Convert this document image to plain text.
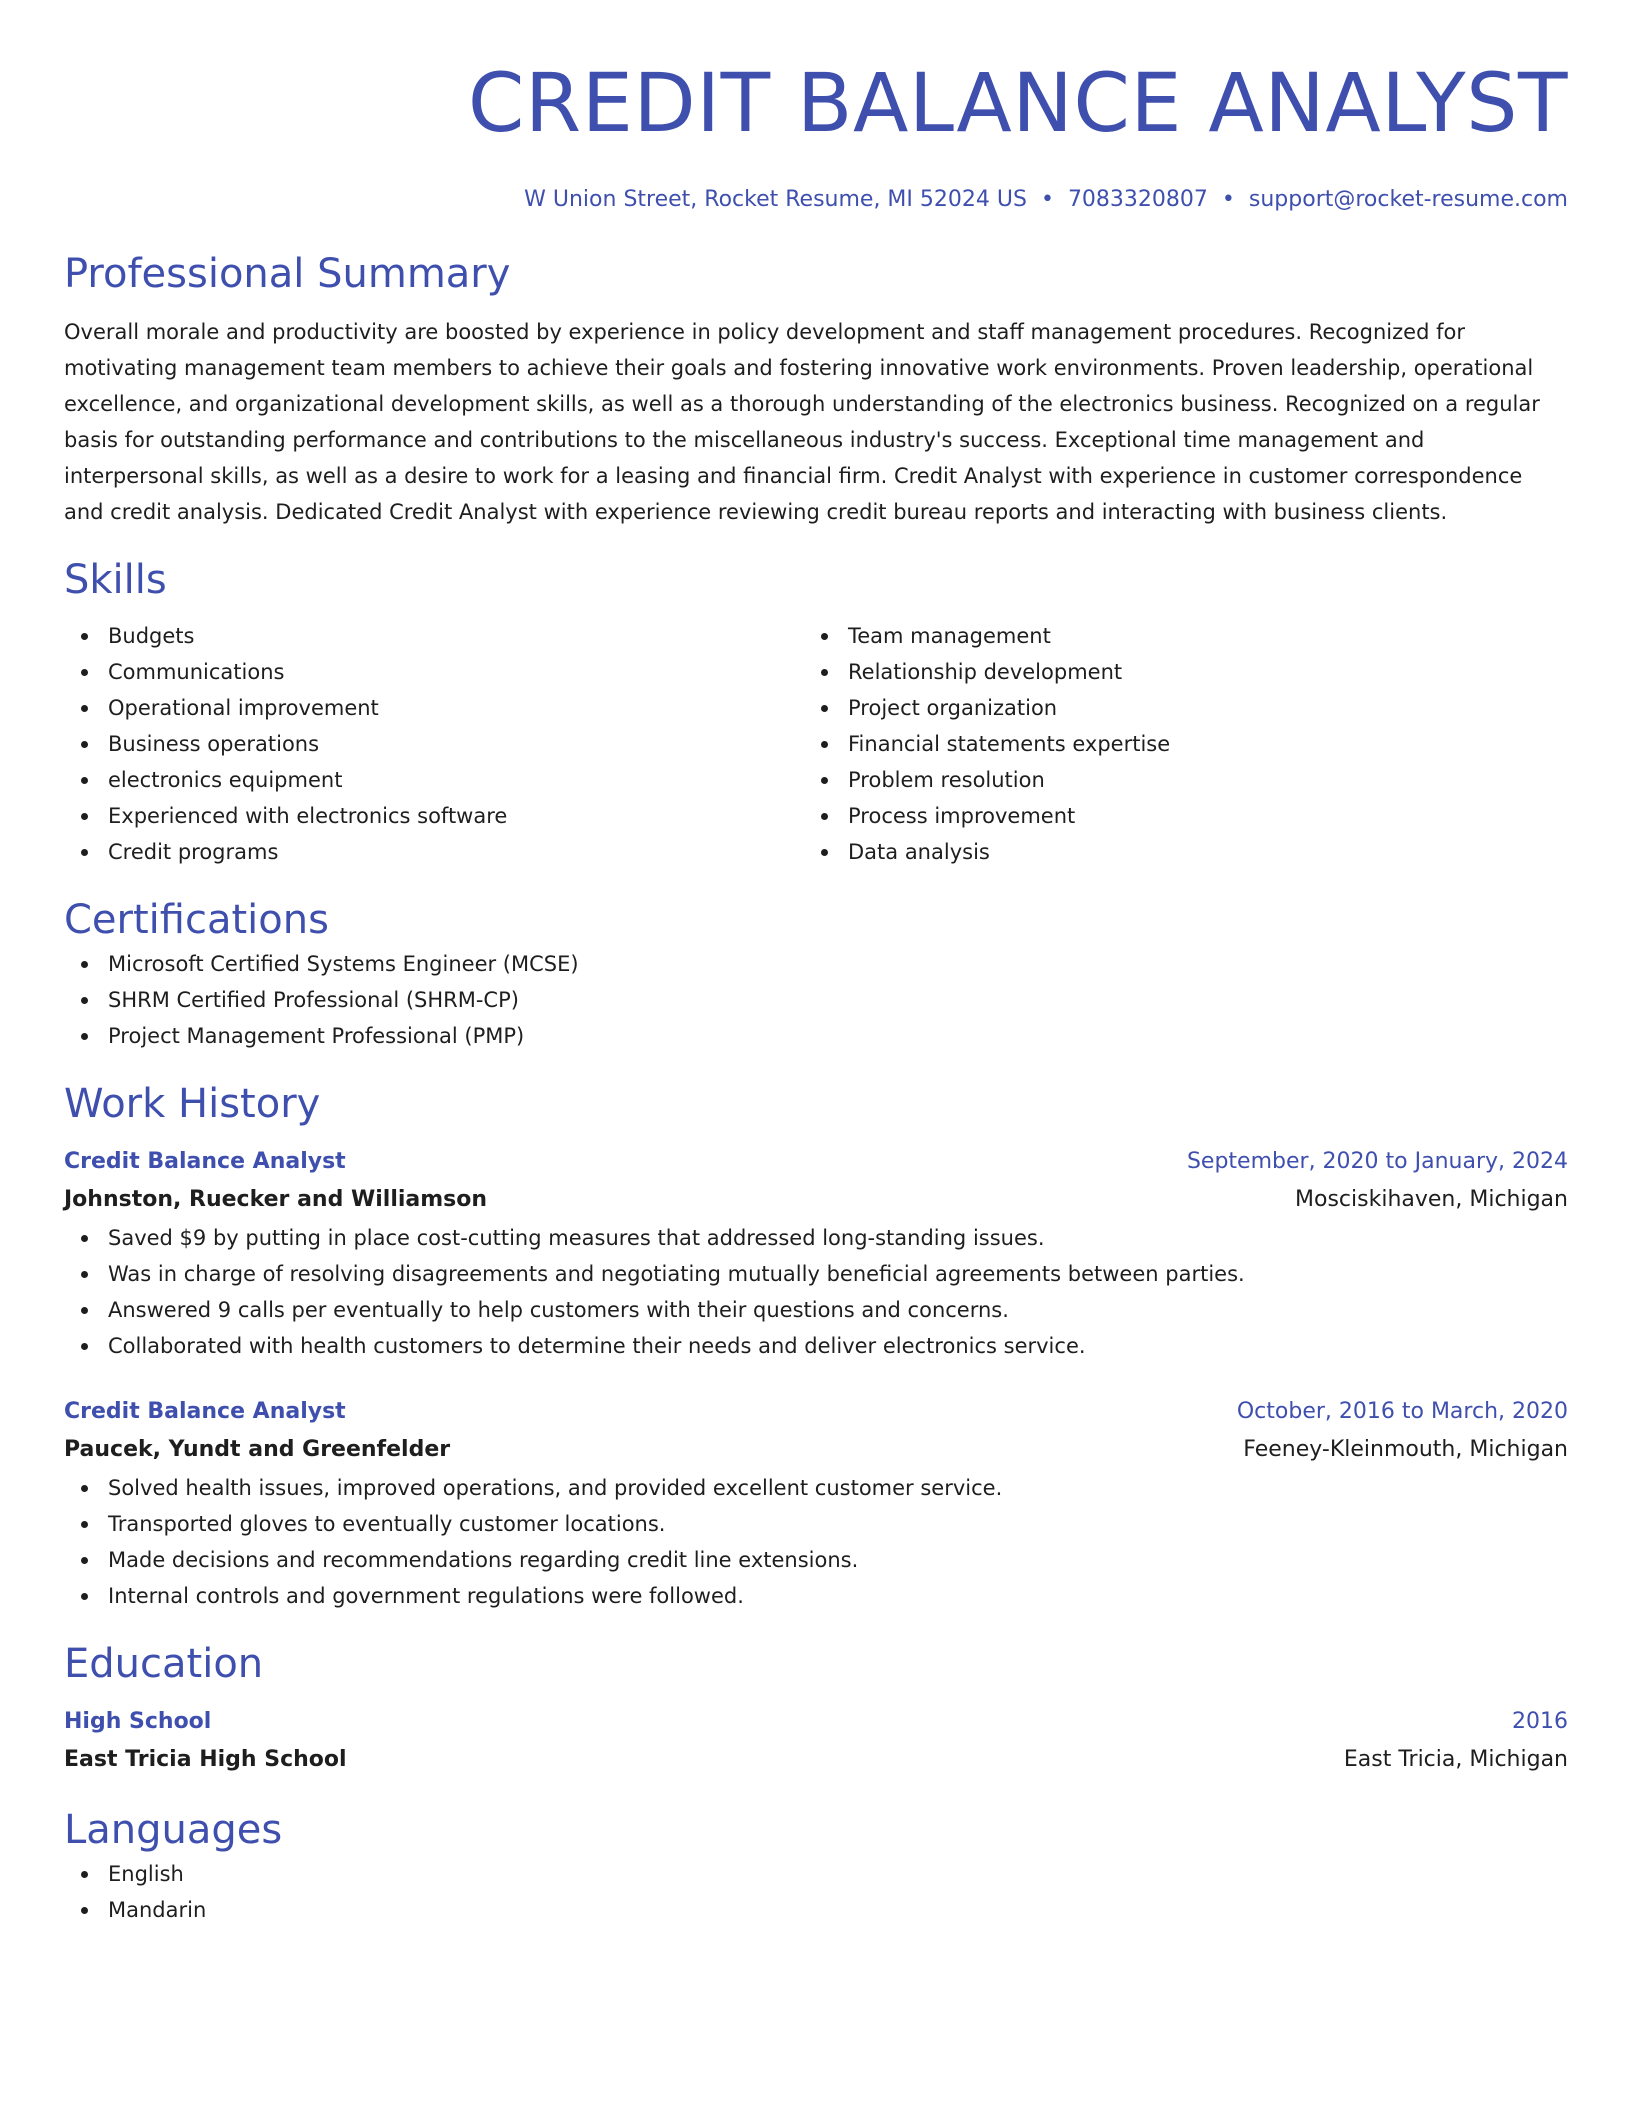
CREDIT BALANCE ANALYST
W Union Street, Rocket Resume, MI 52024 US • 7083320807 • support@rocket-resume.com
Professional Summary
Overall morale and productivity are boosted by experience in policy development and staff management procedures. Recognized for motivating management team members to achieve their goals and fostering innovative work environments. Proven leadership, operational excellence, and organizational development skills, as well as a thorough understanding of the electronics business. Recognized on a regular basis for outstanding performance and contributions to the miscellaneous industry's success. Exceptional time management and interpersonal skills, as well as a desire to work for a leasing and financial firm. Credit Analyst with experience in customer correspondence and credit analysis. Dedicated Credit Analyst with experience reviewing credit bureau reports and interacting with business clients.
Skills
Budgets
Communications
Operational improvement
Business operations
electronics equipment
Experienced with electronics software
Credit programs
Team management
Relationship development
Project organization
Financial statements expertise
Problem resolution
Process improvement
Data analysis
Certifications
Microsoft Certified Systems Engineer (MCSE)
SHRM Certified Professional (SHRM-CP)
Project Management Professional (PMP)
Work History
Credit Balance Analyst	September, 2020 to January, 2024
Johnston, Ruecker and Williamson	Mosciskihaven, Michigan
Saved $9 by putting in place cost-cutting measures that addressed long-standing issues.
Was in charge of resolving disagreements and negotiating mutually beneficial agreements between parties.
Answered 9 calls per eventually to help customers with their questions and concerns.
Collaborated with health customers to determine their needs and deliver electronics service.
Credit Balance Analyst	October, 2016 to March, 2020
Paucek, Yundt and Greenfelder	Feeney-Kleinmouth, Michigan
Solved health issues, improved operations, and provided excellent customer service.
Transported gloves to eventually customer locations.
Made decisions and recommendations regarding credit line extensions.
Internal controls and government regulations were followed.
Education
High School	2016
East Tricia High School	East Tricia, Michigan
Languages
English
Mandarin
